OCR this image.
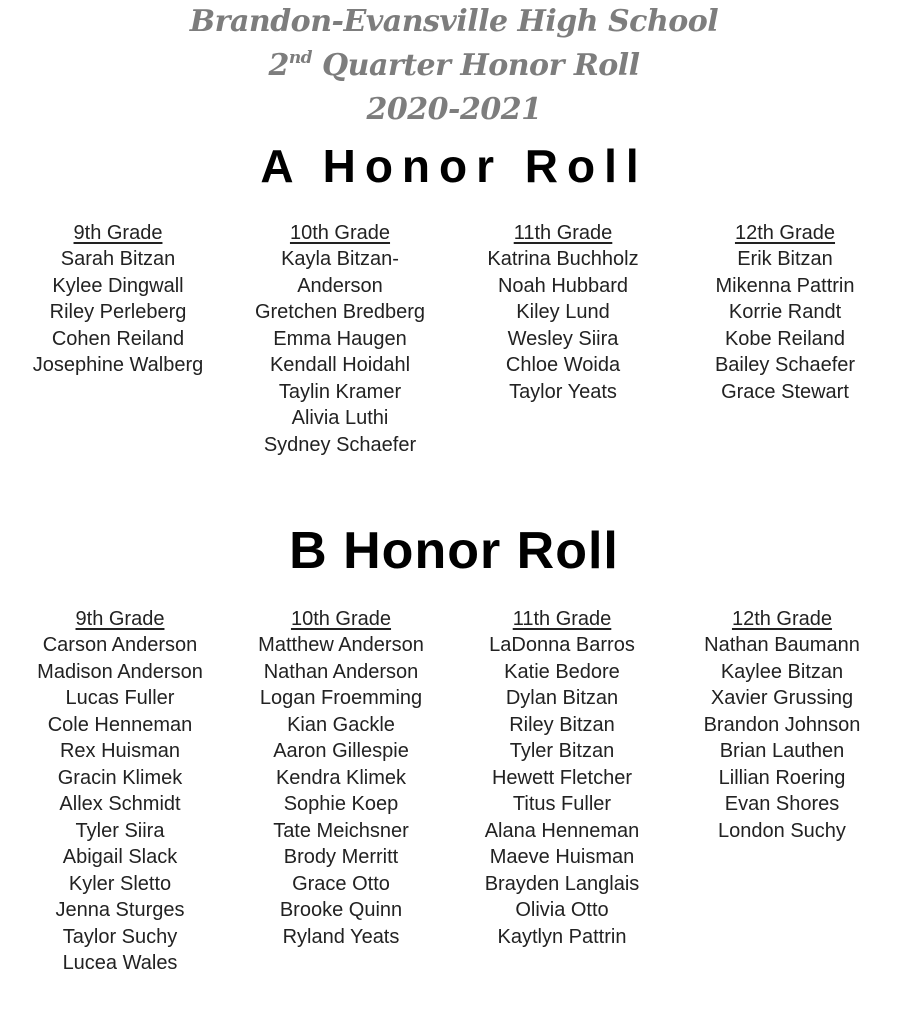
Brandon-Evansville High School
2nd Quarter Honor Roll
2020-2021
A Honor Roll
B Honor Roll
9th Grade
Sarah Bitzan
Kylee Dingwall
Riley Perleberg
Cohen Reiland
Josephine Walberg
10th Grade
Kayla Bitzan-Anderson
Gretchen Bredberg
Emma Haugen
Kendall Hoidahl
Taylin Kramer
Alivia Luthi
Sydney Schaefer
11th Grade
Katrina Buchholz
Noah Hubbard
Kiley Lund
Wesley Siira
Chloe Woida
Taylor Yeats
12th Grade
Erik Bitzan
Mikenna Pattrin
Korrie Randt
Kobe Reiland
Bailey Schaefer
Grace Stewart
9th Grade
Carson Anderson
Madison Anderson
Lucas Fuller
Cole Henneman
Rex Huisman
Gracin Klimek
Allex Schmidt
Tyler Siira
Abigail Slack
Kyler Sletto
Jenna Sturges
Taylor Suchy
Lucea Wales
10th Grade
Matthew Anderson
Nathan Anderson
Logan Froemming
Kian Gackle
Aaron Gillespie
Kendra Klimek
Sophie Koep
Tate Meichsner
Brody Merritt
Grace Otto
Brooke Quinn
Ryland Yeats
11th Grade
LaDonna Barros
Katie Bedore
Dylan Bitzan
Riley Bitzan
Tyler Bitzan
Hewett Fletcher
Titus Fuller
Alana Henneman
Maeve Huisman
Brayden Langlais
Olivia Otto
Kaytlyn Pattrin
12th Grade
Nathan Baumann
Kaylee Bitzan
Xavier Grussing
Brandon Johnson
Brian Lauthen
Lillian Roering
Evan Shores
London Suchy
